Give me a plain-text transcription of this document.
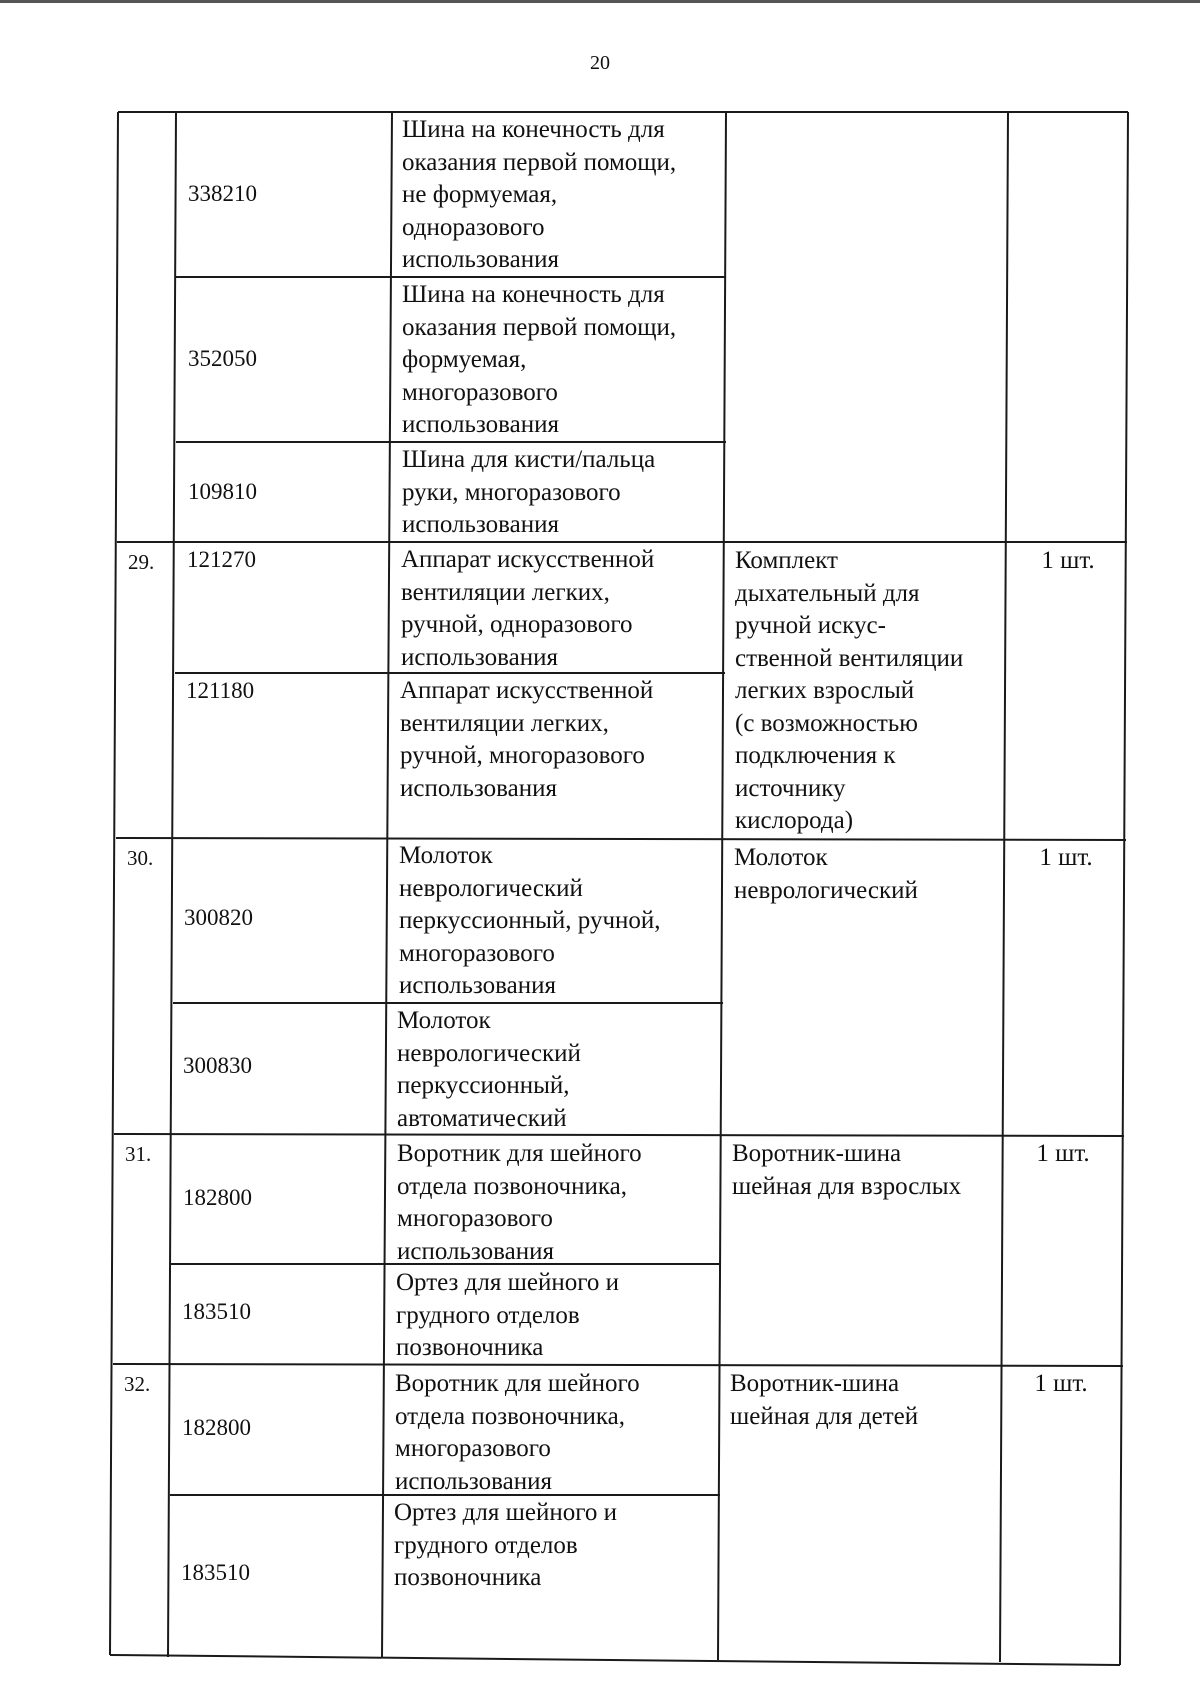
20
338210
Шина на конечность для
оказания первой помощи,
не формуемая,
одноразового
использования
352050
Шина на конечность для
оказания первой помощи,
формуемая,
многоразового
использования
109810
Шина для кисти/пальца
руки, многоразового
использования
29. 121270	Аппарат искусственной
вентиляции легких,
ручной, одноразового
использования
121180	Аппарат искусственной
вентиляции легких,
ручной, многоразового
использования
Комплект
дыхательный для
ручной искус-
ственной вентиляции
легких взрослый
(с возможностью
подключения к
источнику
кислорода)
1 шт.
30.
300820
Молоток
неврологический
перкуссионный, ручной,
многоразового
использования
300830
Молоток
неврологический
перкуссионный,
автоматический
Молоток
неврологический
1 шт.
31.
182800
Воротник для шейного
отдела позвоночника,
многоразового
использования
183510
Ортез для шейного и
грудного отделов
позвоночника
Воротник-шина
шейная для взрослых
1 шт.
32.
182800
Воротник для шейного
отдела позвоночника,
многоразового
использования
183510
Ортез для шейного и
грудного отделов
позвоночника
Воротник-шина
шейная для детей
1 шт.
